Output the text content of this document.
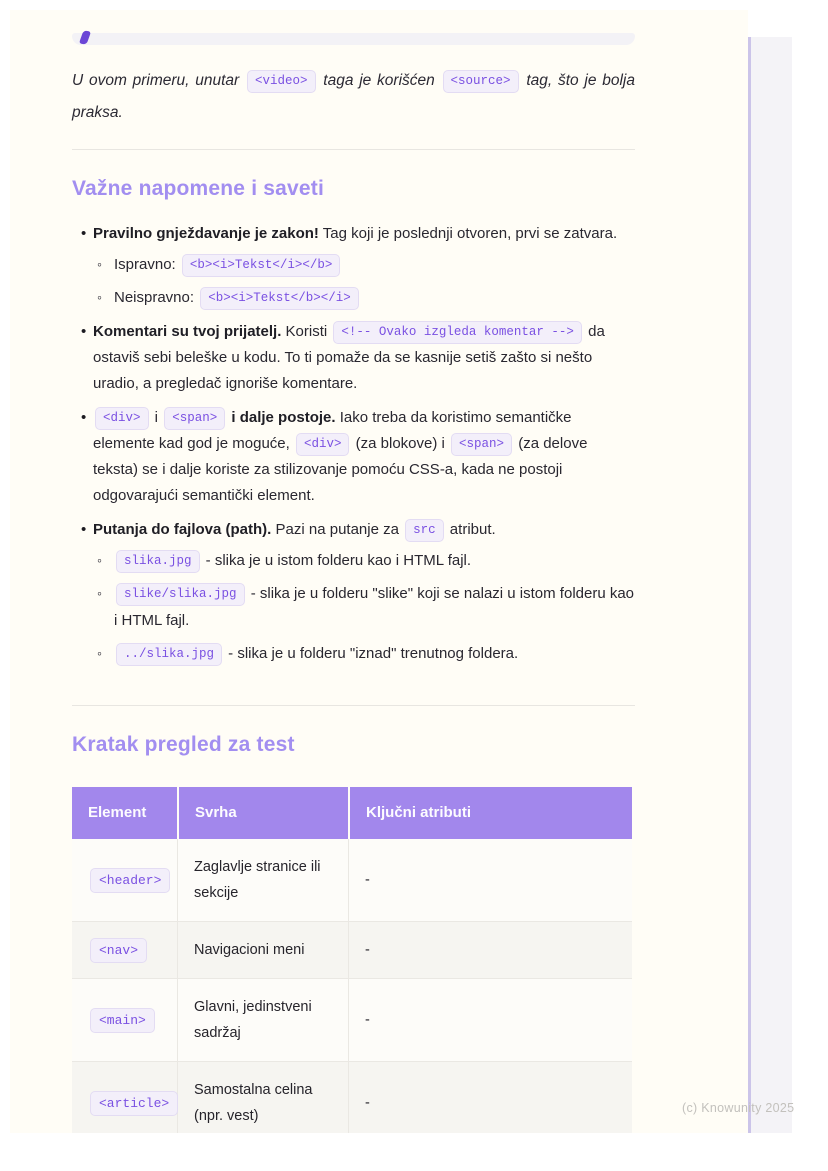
U ovom primeru, unutar <video> taga je korišćen <source> tag, što je bolja praksa.

Važne napomene i saveti
• Pravilno gnježdavanje je zakon! Tag koji je poslednji otvoren, prvi se zatvara.
◦ Ispravno: <b><i>Tekst</i></b>
◦ Neispravno: <b><i>Tekst</b></i>
• Komentari su tvoj prijatelj. Koristi <!-- Ovako izgleda komentar --> da ostaviš sebi beleške u kodu. To ti pomaže da se kasnije setiš zašto si nešto uradio, a pregledač ignoriše komentare.
• <div> i <span> i dalje postoje. Iako treba da koristimo semantičke elemente kad god je moguće, <div> (za blokove) i <span> (za delove teksta) se i dalje koriste za stilizovanje pomoću CSS-a, kada ne postoji odgovarajući semantički element.
• Putanja do fajlova (path). Pazi na putanje za src atribut.
◦ slika.jpg - slika je u istom folderu kao i HTML fajl.
◦ slike/slika.jpg - slika je u folderu "slike" koji se nalazi u istom folderu kao i HTML fajl.
◦ ../slika.jpg - slika je u folderu "iznad" trenutnog foldera.
Kratak pregled za test
Element	Svrha	Ključni atributi
<header>	Zaglavlje stranice ili sekcije	-
<nav>	Navigacioni meni	-
<main>	Glavni, jedinstveni sadržaj	-
<article>	Samostalna celina (npr. vest)	-	(c) Knowunity 2025
